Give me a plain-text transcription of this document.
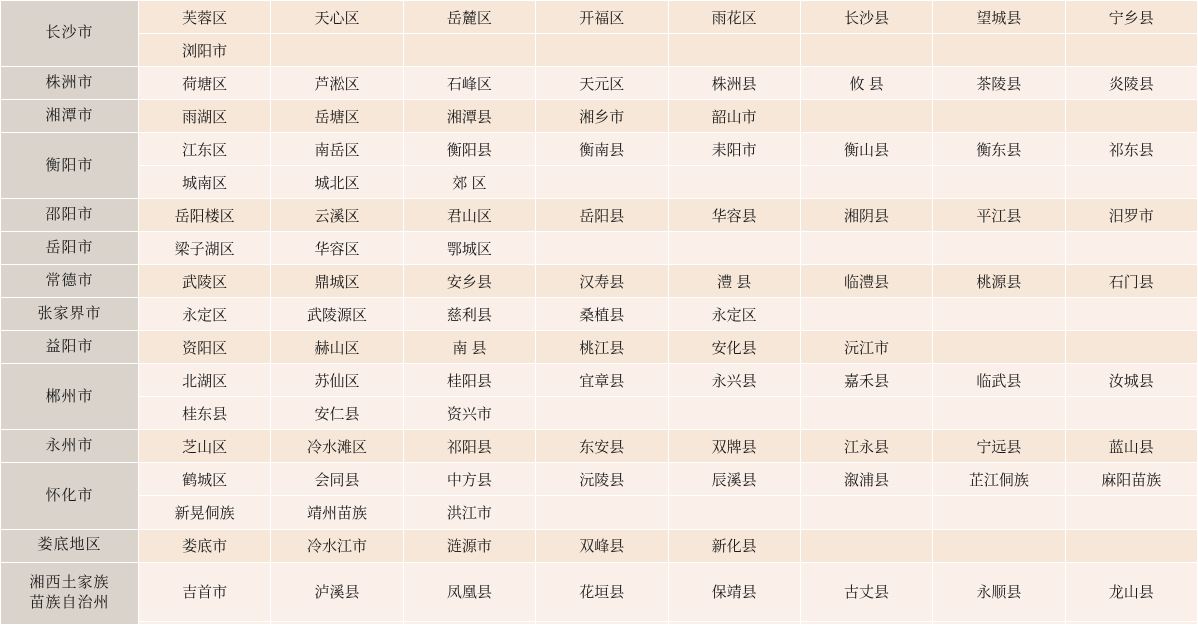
长沙市	芙蓉区	天心区	岳麓区	开福区	雨花区	长沙县	望城县	宁乡县
	浏阳市							
株洲市	荷塘区	芦淞区	石峰区	天元区	株洲县	攸 县	茶陵县	炎陵县
湘潭市	雨湖区	岳塘区	湘潭县	湘乡市	韶山市			
衡阳市	江东区	南岳区	衡阳县	衡南县	耒阳市	衡山县	衡东县	祁东县
	城南区	城北区	郊 区					
邵阳市	岳阳楼区	云溪区	君山区	岳阳县	华容县	湘阴县	平江县	汨罗市
岳阳市	梁子湖区	华容区	鄂城区					
常德市	武陵区	鼎城区	安乡县	汉寿县	澧 县	临澧县	桃源县	石门县
张家界市	永定区	武陵源区	慈利县	桑植县	永定区			
益阳市	资阳区	赫山区	南 县	桃江县	安化县	沅江市		
郴州市	北湖区	苏仙区	桂阳县	宜章县	永兴县	嘉禾县	临武县	汝城县
	桂东县	安仁县	资兴市					
永州市	芝山区	冷水滩区	祁阳县	东安县	双牌县	江永县	宁远县	蓝山县
怀化市	鹤城区	会同县	中方县	沅陵县	辰溪县	溆浦县	芷江侗族	麻阳苗族
	新晃侗族	靖州苗族	洪江市					
娄底地区	娄底市	冷水江市	涟源市	双峰县	新化县			

湘西土家族
苗族自治州	吉首市	泸溪县	凤凰县	花垣县	保靖县	古丈县	永顺县	龙山县
